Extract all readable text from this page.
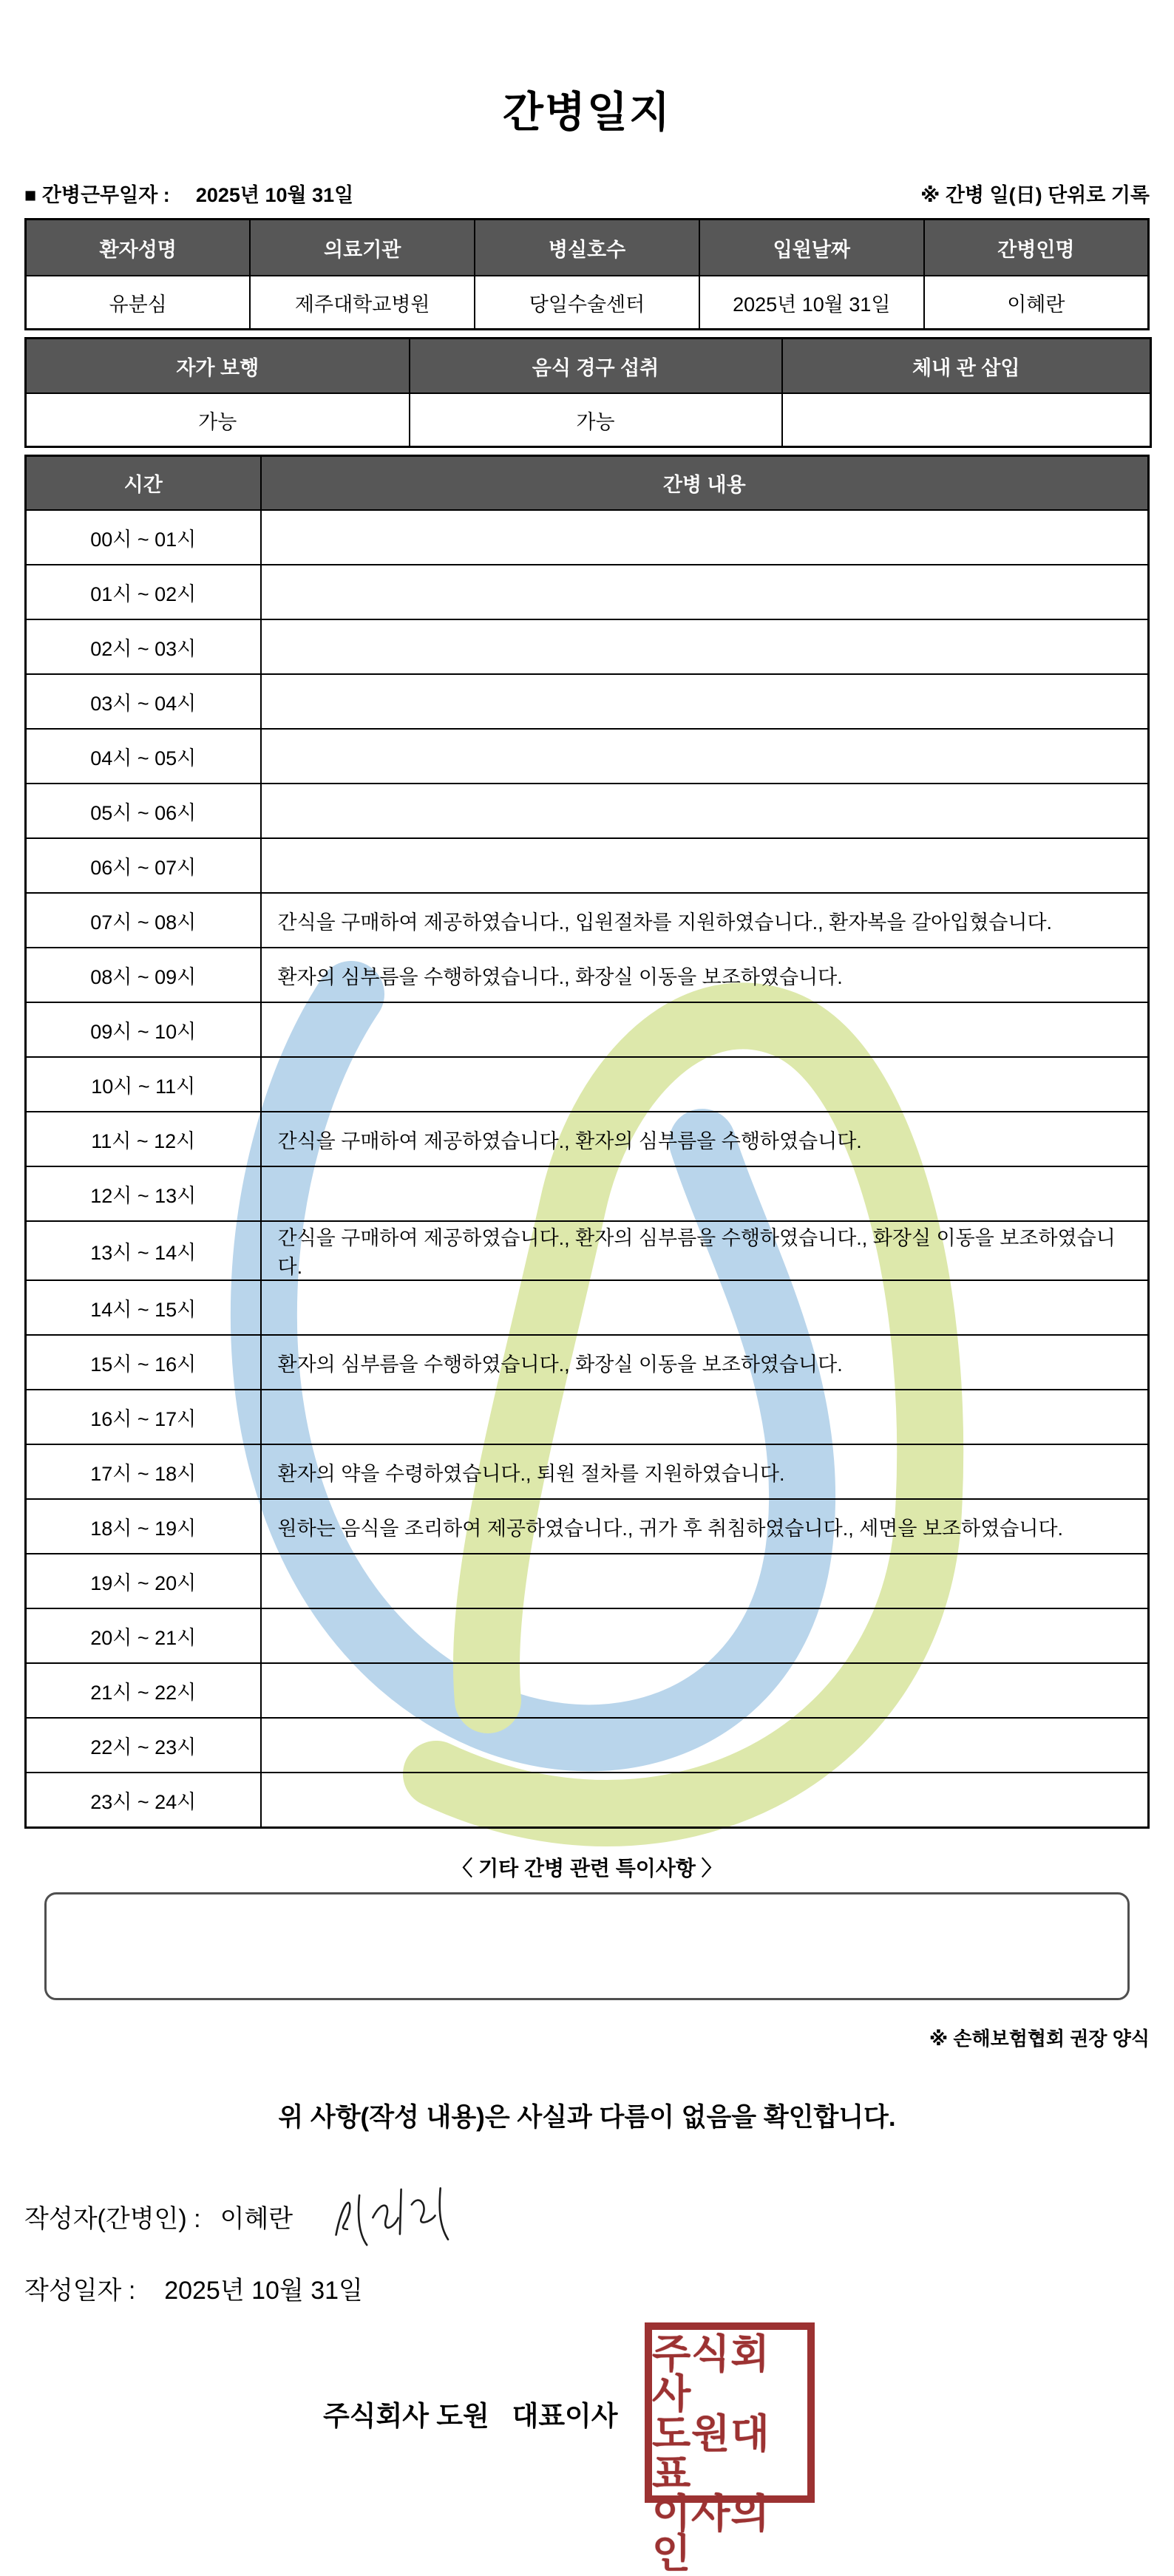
간병일지
■ 간병근무일자 : 2025년 10월 31일	※ 간병 일(日) 단위로 기록
환자성명	의료기관	병실호수	입원날짜	간병인명
유분심	제주대학교병원	당일수술센터	2025년 10월 31일	이혜란
자가 보행	음식 경구 섭취	체내 관 삽입
가능	가능	
시간	간병 내용
00시 ~ 01시	
01시 ~ 02시	
02시 ~ 03시	
03시 ~ 04시	
04시 ~ 05시	
05시 ~ 06시	
06시 ~ 07시	
07시 ~ 08시	간식을 구매하여 제공하였습니다., 입원절차를 지원하였습니다., 환자복을 갈아입혔습니다.
08시 ~ 09시	환자의 심부름을 수행하였습니다., 화장실 이동을 보조하였습니다.
09시 ~ 10시	
10시 ~ 11시	
11시 ~ 12시	간식을 구매하여 제공하였습니다., 환자의 심부름을 수행하였습니다.
12시 ~ 13시	
13시 ~ 14시	간식을 구매하여 제공하였습니다., 환자의 심부름을 수행하였습니다., 화장실 이동을 보조하였습니다.
14시 ~ 15시	
15시 ~ 16시	환자의 심부름을 수행하였습니다., 화장실 이동을 보조하였습니다.
16시 ~ 17시	
17시 ~ 18시	환자의 약을 수령하였습니다., 퇴원 절차를 지원하였습니다.
18시 ~ 19시	원하는 음식을 조리하여 제공하였습니다., 귀가 후 취침하였습니다., 세면을 보조하였습니다.
19시 ~ 20시	
20시 ~ 21시	
21시 ~ 22시	
22시 ~ 23시	
23시 ~ 24시	
〈 기타 간병 관련 특이사항 〉
※ 손해보험협회 권장 양식
위 사항(작성 내용)은 사실과 다름이 없음을 확인합니다.
작성자(간병인) : 이혜란
작성일자 : 2025년 10월 31일
주식회사 도원   대표이사
주식회사
도원대표
이사의인
